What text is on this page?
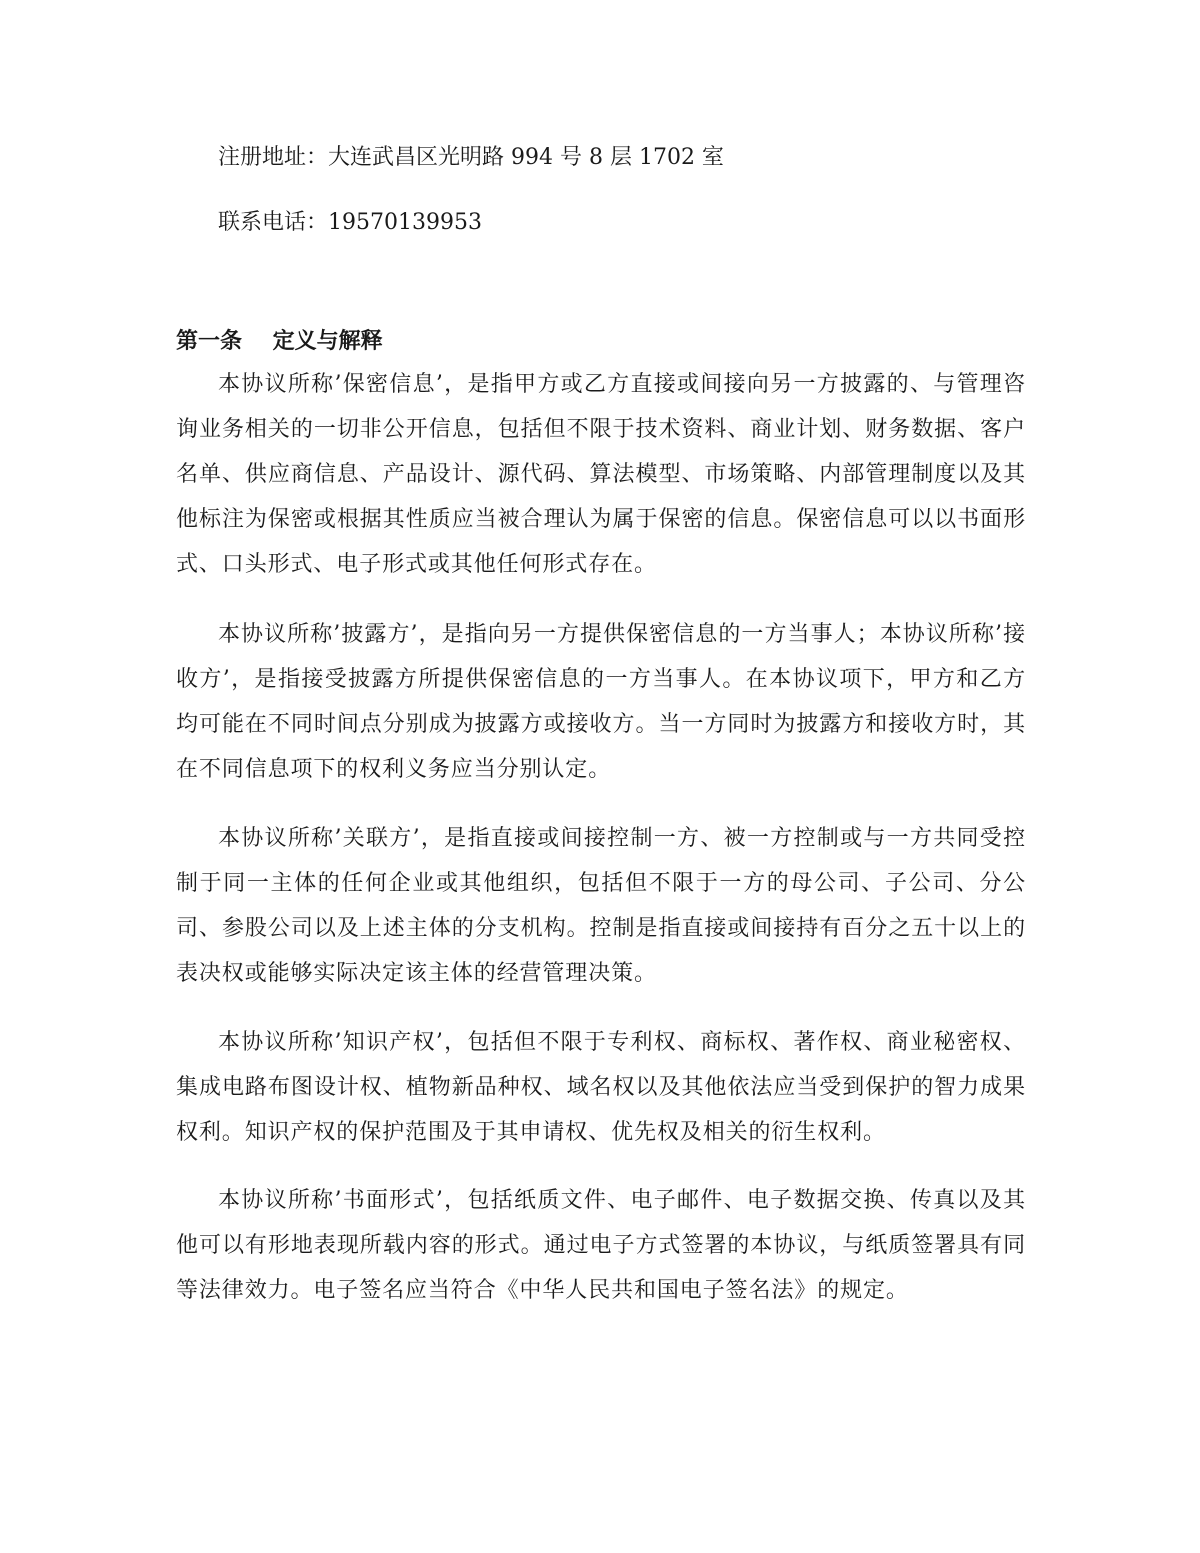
注册地址：大连武昌区光明路 994 号 8 层 1702 室
联系电话：19570139953
第一条    定义与解释
本协议所称’保密信息’，是指甲方或乙方直接或间接向另一方披露的、与管理咨询业务相关的一切非公开信息，包括但不限于技术资料、商业计划、财务数据、客户名单、供应商信息、产品设计、源代码、算法模型、市场策略、内部管理制度以及其他标注为保密或根据其性质应当被合理认为属于保密的信息。保密信息可以以书面形式、口头形式、电子形式或其他任何形式存在。
本协议所称’披露方’，是指向另一方提供保密信息的一方当事人；本协议所称’接收方’，是指接受披露方所提供保密信息的一方当事人。在本协议项下，甲方和乙方均可能在不同时间点分别成为披露方或接收方。当一方同时为披露方和接收方时，其在不同信息项下的权利义务应当分别认定。
本协议所称’关联方’，是指直接或间接控制一方、被一方控制或与一方共同受控制于同一主体的任何企业或其他组织，包括但不限于一方的母公司、子公司、分公司、参股公司以及上述主体的分支机构。控制是指直接或间接持有百分之五十以上的表决权或能够实际决定该主体的经营管理决策。
本协议所称’知识产权’，包括但不限于专利权、商标权、著作权、商业秘密权、集成电路布图设计权、植物新品种权、域名权以及其他依法应当受到保护的智力成果权利。知识产权的保护范围及于其申请权、优先权及相关的衍生权利。
本协议所称’书面形式’，包括纸质文件、电子邮件、电子数据交换、传真以及其他可以有形地表现所载内容的形式。通过电子方式签署的本协议，与纸质签署具有同等法律效力。电子签名应当符合《中华人民共和国电子签名法》的规定。
